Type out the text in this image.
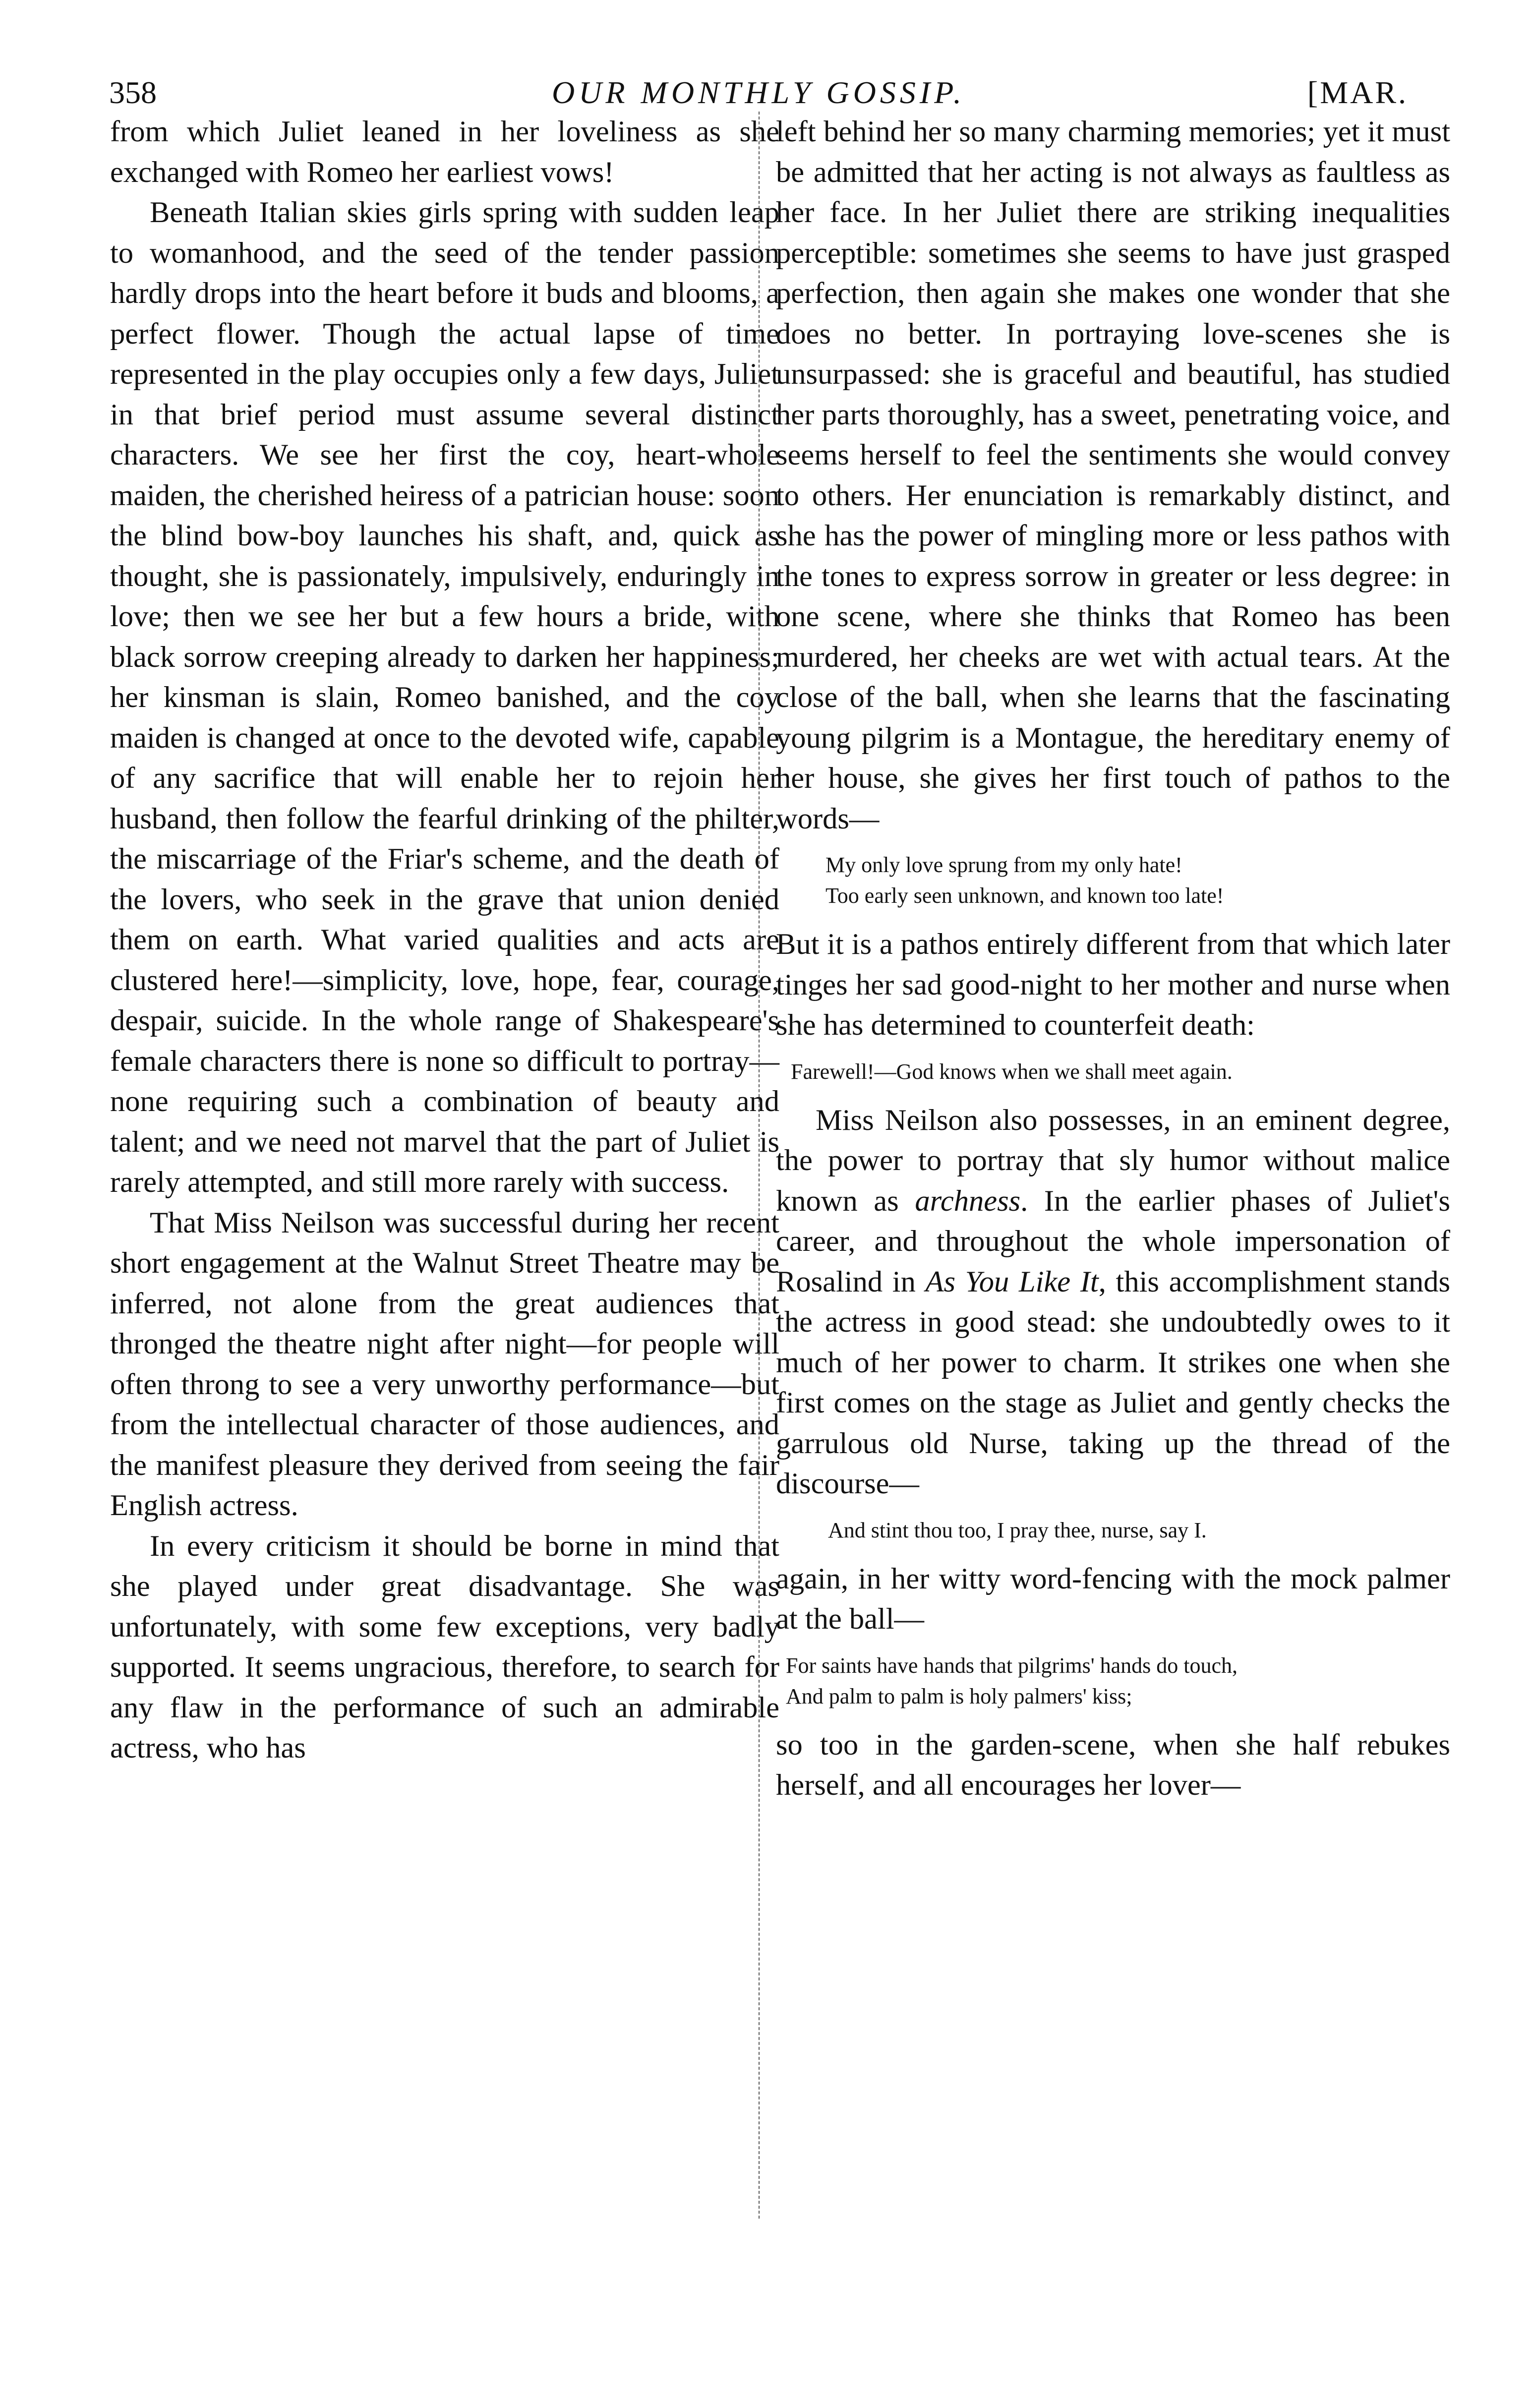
358	OUR MONTHLY GOSSIP.	[MAR.

from which Juliet leaned in her loveliness as she exchanged with Romeo her earliest vows!

Beneath Italian skies girls spring with sudden leap to womanhood, and the seed of the tender passion hardly drops into the heart before it buds and blooms, a perfect flower. Though the actual lapse of time represented in the play occupies only a few days, Juliet in that brief period must assume several distinct characters. We see her first the coy, heart-whole maiden, the cherished heiress of a patrician house: soon the blind bow-boy launches his shaft, and, quick as thought, she is passionately, impulsively, enduringly in love; then we see her but a few hours a bride, with black sorrow creeping already to darken her happiness; her kinsman is slain, Romeo banished, and the coy maiden is changed at once to the devoted wife, capable of any sacrifice that will enable her to rejoin her husband, then follow the fearful drinking of the philter, the miscarriage of the Friar's scheme, and the death of the lovers, who seek in the grave that union denied them on earth. What varied qualities and acts are clustered here!—simplicity, love, hope, fear, courage, despair, suicide. In the whole range of Shakespeare's female characters there is none so difficult to portray—none requiring such a combination of beauty and talent; and we need not marvel that the part of Juliet is rarely attempted, and still more rarely with success.

That Miss Neilson was successful during her recent short engagement at the Walnut Street Theatre may be inferred, not alone from the great audiences that thronged the theatre night after night—for people will often throng to see a very unworthy performance—but from the intellectual character of those audiences, and the manifest pleasure they derived from seeing the fair English actress.

In every criticism it should be borne in mind that she played under great disadvantage. She was unfortunately, with some few exceptions, very badly supported. It seems ungracious, therefore, to search for any flaw in the performance of such an admirable actress, who has

left behind her so many charming memories; yet it must be admitted that her acting is not always as faultless as her face. In her Juliet there are striking inequalities perceptible: sometimes she seems to have just grasped perfection, then again she makes one wonder that she does no better. In portraying love-scenes she is unsurpassed: she is graceful and beautiful, has studied her parts thoroughly, has a sweet, penetrating voice, and seems herself to feel the sentiments she would convey to others. Her enunciation is remarkably distinct, and she has the power of mingling more or less pathos with the tones to express sorrow in greater or less degree: in one scene, where she thinks that Romeo has been murdered, her cheeks are wet with actual tears. At the close of the ball, when she learns that the fascinating young pilgrim is a Montague, the hereditary enemy of her house, she gives her first touch of pathos to the words—

My only love sprung from my only hate!
Too early seen unknown, and known too late!

But it is a pathos entirely different from that which later tinges her sad good-night to her mother and nurse when she has determined to counterfeit death:

Farewell!—God knows when we shall meet again.

Miss Neilson also possesses, in an eminent degree, the power to portray that sly humor without malice known as archness. In the earlier phases of Juliet's career, and throughout the whole impersonation of Rosalind in As You Like It, this accomplishment stands the actress in good stead: she undoubtedly owes to it much of her power to charm. It strikes one when she first comes on the stage as Juliet and gently checks the garrulous old Nurse, taking up the thread of the discourse—

And stint thou too, I pray thee, nurse, say I.

again, in her witty word-fencing with the mock palmer at the ball—

For saints have hands that pilgrims' hands do touch,
And palm to palm is holy palmers' kiss;

so too in the garden-scene, when she half rebukes herself, and all encourages her lover—
